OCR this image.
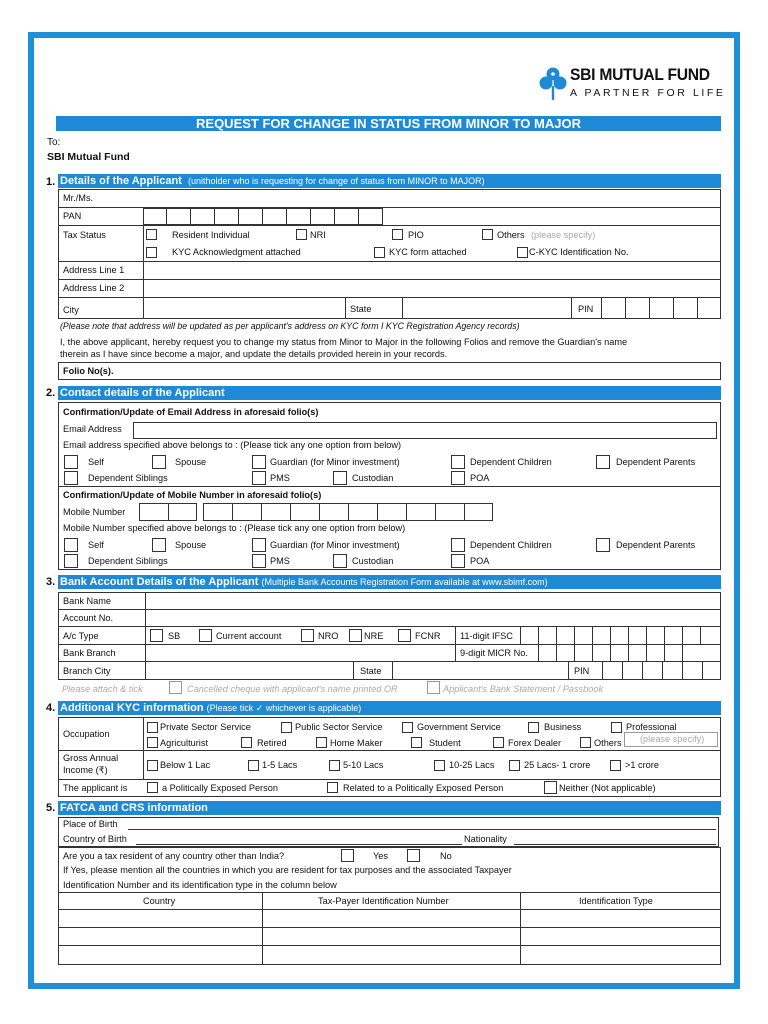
SBI MUTUAL FUND
A PARTNER FOR LIFE
REQUEST FOR CHANGE IN STATUS FROM MINOR TO MAJOR
To:
SBI Mutual Fund
1. Details of the Applicant (unitholder who is requesting for change of status from MINOR to MAJOR)
Mr./Ms.
PAN
Tax Status	Resident Individual	NRI	PIO	Others (please specify)
KYC Acknowledgment attached	KYC form attached	C-KYC Identification No.
Address Line 1
Address Line 2
City	State	PIN
(Please note that address will be updated as per applicant's address on KYC form I KYC Registration Agency records)
I, the above applicant, hereby request you to change my status from Minor to Major in the following Folios and remove the Guardian's name
therein as I have since become a major, and update the details provided herein in your records.
Folio No(s).
2. Contact details of the Applicant
Confirmation/Update of Email Address in aforesaid folio(s)
Email Address
Email address specified above belongs to : (Please tick any one option from below)
Self	Spouse	Guardian (for Minor investment)	Dependent Children	Dependent Parents
Dependent Siblings	PMS	Custodian	POA
Confirmation/Update of Mobile Number in aforesaid folio(s)
Mobile Number
Mobile Number specified above belongs to : (Please tick any one option from below)
Self	Spouse	Guardian (for Minor investment)	Dependent Children	Dependent Parents
Dependent Siblings	PMS	Custodian	POA
3. Bank Account Details of the Applicant (Multiple Bank Accounts Registration Form available at www.sbimf.com)
Bank Name
Account No.
A/c Type	SB	Current account	NRO	NRE	FCNR 11-digit IFSC
Bank Branch	9-digit MICR No.
Branch City	State	PIN
Please attach & tick	Cancelled cheque with applicant's name printed OR	Applicant's Bank Statement / Passbook
4. Additional KYC information (Please tick ✓ whichever is applicable)
Occupation
Private Sector Service	Public Sector Service	Government Service	Business	Professional
Agriculturist	Retired	Home Maker	Student	Forex Dealer	Others (please specify)
Gross Annual
Income (₹)	Below 1 Lac	1-5 Lacs	5-10 Lacs	10-25 Lacs	25 Lacs- 1 crore	>1 crore
The applicant is	a Politically Exposed Person	Related to a Politically Exposed Person	Neither (Not applicable)
5. FATCA and CRS information
Place of Birth
Country of Birth	Nationality
Are you a tax resident of any country other than India?	Yes	No
If Yes, please mention all the countries in which you are resident for tax purposes and the associated Taxpayer
Identification Number and its identification type in the column below
Country	Tax-Payer Identification Number	Identification Type
